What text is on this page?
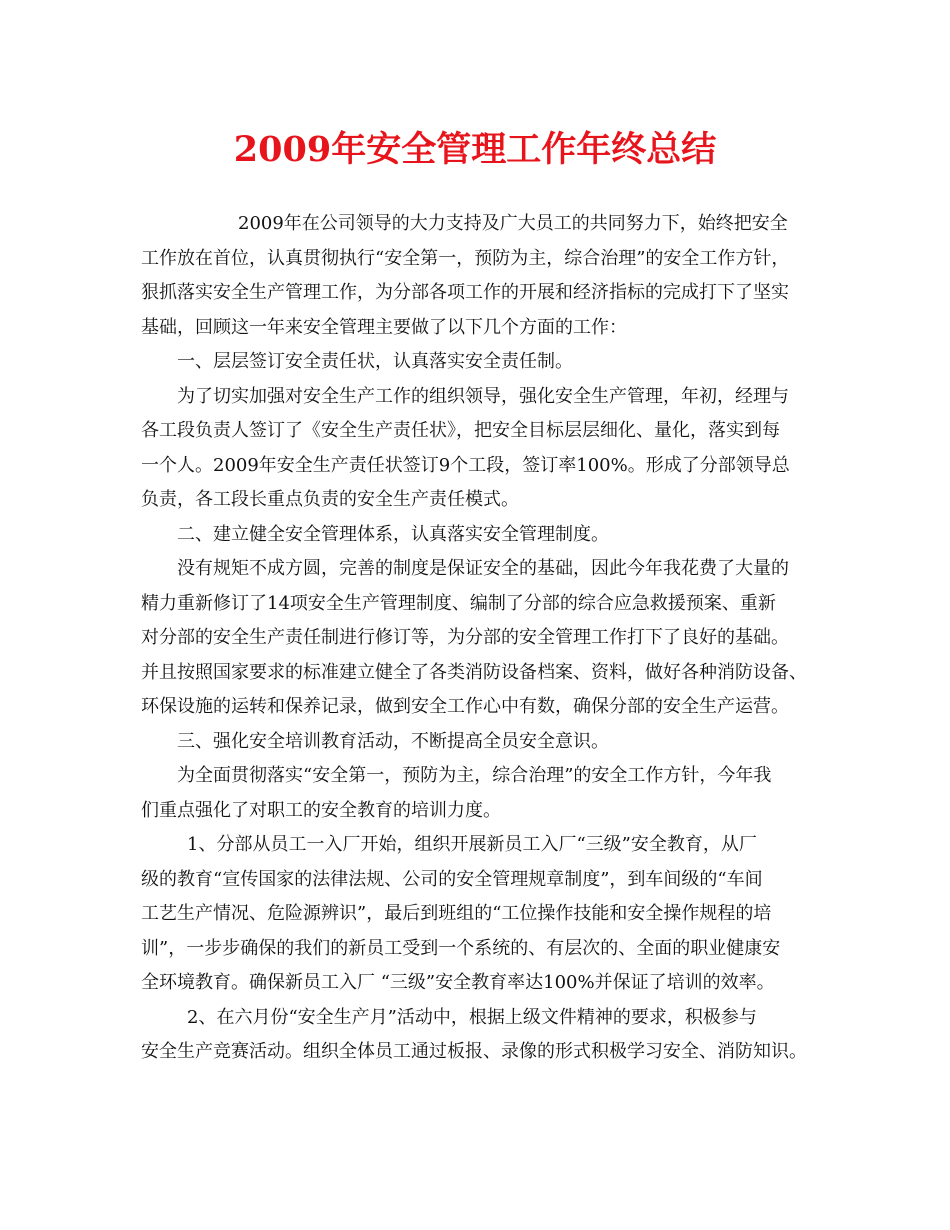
2009年安全管理工作年终总结
2009年在公司领导的大力支持及广大员工的共同努力下，始终把安全
工作放在首位，认真贯彻执行“安全第一，预防为主，综合治理”的安全工作方针，
狠抓落实安全生产管理工作，为分部各项工作的开展和经济指标的完成打下了坚实
基础，回顾这一年来安全管理主要做了以下几个方面的工作：
一、层层签订安全责任状，认真落实安全责任制。
为了切实加强对安全生产工作的组织领导，强化安全生产管理，年初，经理与
各工段负责人签订了《安全生产责任状》，把安全目标层层细化、量化，落实到每
一个人。2009年安全生产责任状签订9个工段，签订率100%。形成了分部领导总
负责，各工段长重点负责的安全生产责任模式。
二、建立健全安全管理体系，认真落实安全管理制度。
没有规矩不成方圆，完善的制度是保证安全的基础，因此今年我花费了大量的
精力重新修订了14项安全生产管理制度、编制了分部的综合应急救援预案、重新
对分部的安全生产责任制进行修订等，为分部的安全管理工作打下了良好的基础。
并且按照国家要求的标准建立健全了各类消防设备档案、资料，做好各种消防设备、
环保设施的运转和保养记录，做到安全工作心中有数，确保分部的安全生产运营。
三、强化安全培训教育活动，不断提高全员安全意识。
为全面贯彻落实“安全第一，预防为主，综合治理”的安全工作方针，今年我
们重点强化了对职工的安全教育的培训力度。
1、分部从员工一入厂开始，组织开展新员工入厂“三级”安全教育，从厂
级的教育“宣传国家的法律法规、公司的安全管理规章制度”，到车间级的“车间
工艺生产情况、危险源辨识”，最后到班组的“工位操作技能和安全操作规程的培
训”，一步步确保的我们的新员工受到一个系统的、有层次的、全面的职业健康安
全环境教育。确保新员工入厂 “三级”安全教育率达100%并保证了培训的效率。
2、在六月份“安全生产月”活动中，根据上级文件精神的要求，积极参与
安全生产竞赛活动。组织全体员工通过板报、录像的形式积极学习安全、消防知识。
